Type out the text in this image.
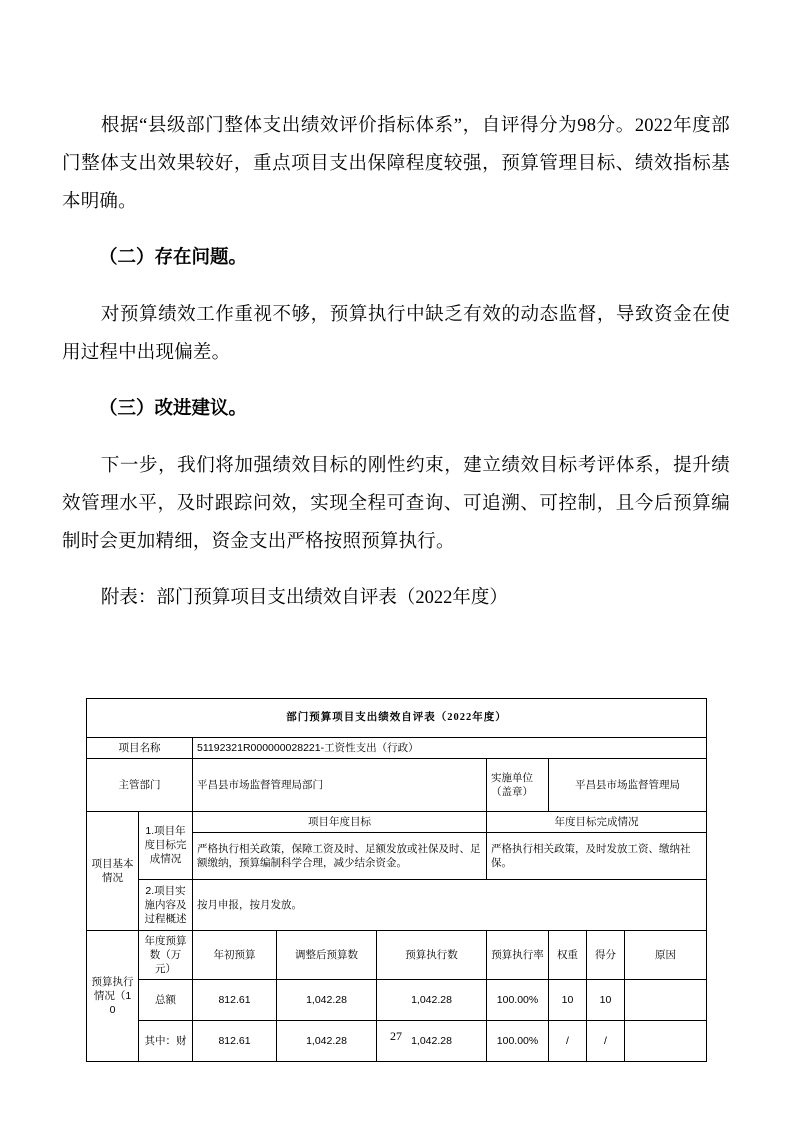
根据“县级部门整体支出绩效评价指标体系”，自评得分为98分。2022年度部门整体支出效果较好，重点项目支出保障程度较强，预算管理目标、绩效指标基本明确。

（二）存在问题。

对预算绩效工作重视不够，预算执行中缺乏有效的动态监督，导致资金在使用过程中出现偏差。

（三）改进建议。

下一步，我们将加强绩效目标的刚性约束，建立绩效目标考评体系，提升绩效管理水平，及时跟踪问效，实现全程可查询、可追溯、可控制，且今后预算编制时会更加精细，资金支出严格按照预算执行。

附表：部门预算项目支出绩效自评表（2022年度）

部门预算项目支出绩效自评表（2022年度）								
项目名称		51192321R000000028221-工资性支出（行政）						
主管部门		平昌县市场监督管理局部门			实施单位（盖章）	平昌县市场监督管理局		
项目基本情况	1.项目年度目标完成情况	项目年度目标			年度目标完成情况			
		严格执行相关政策，保障工资及时、足额发放或社保及时、足额缴纳，预算编制科学合理，减少结余资金。			严格执行相关政策，及时发放工资、缴纳社保。			
	2.项目实施内容及过程概述	按月申报，按月发放。						
预算执行情况（10	年度预算数（万元）	年初预算	调整后预算数	预算执行数	预算执行率	权重	得分	原因
	总额	812.61	1,042.28	1,042.28	100.00%	10	10	
	其中：财	812.61	1,042.28	1,042.28	100.00%	/	/	
27
